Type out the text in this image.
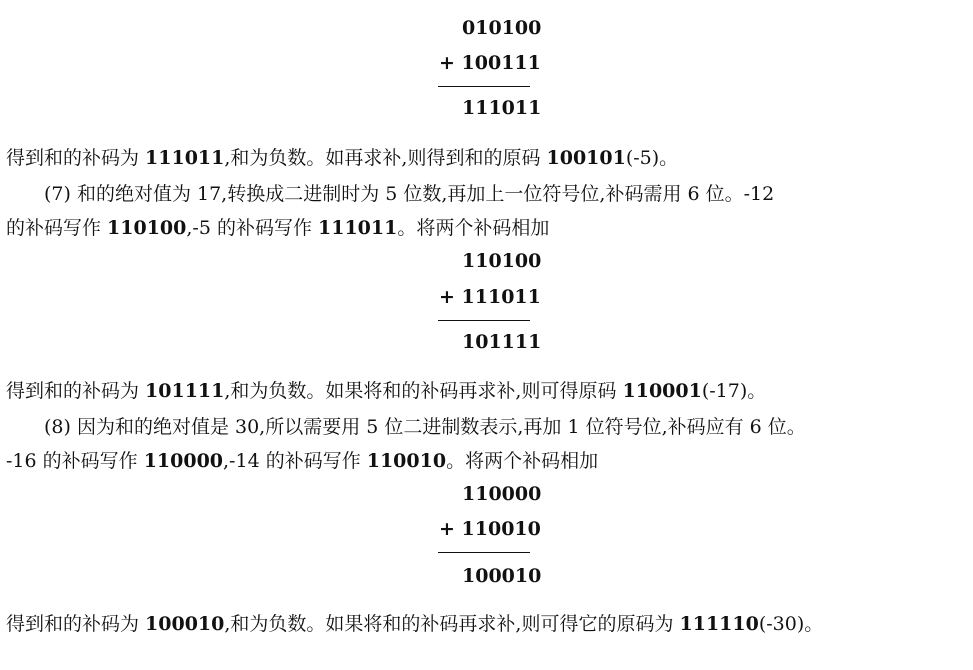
010100
+ 100111
111011
得到和的补码为 111011,和为负数。如再求补,则得到和的原码 100101(-5)。
(7) 和的绝对值为 17,转换成二进制时为 5 位数,再加上一位符号位,补码需用 6 位。-12
的补码写作 110100,-5 的补码写作 111011。将两个补码相加
110100
+ 111011
101111
得到和的补码为 101111,和为负数。如果将和的补码再求补,则可得原码 110001(-17)。
(8) 因为和的绝对值是 30,所以需要用 5 位二进制数表示,再加 1 位符号位,补码应有 6 位。
-16 的补码写作 110000,-14 的补码写作 110010。将两个补码相加
110000
+ 110010
100010
得到和的补码为 100010,和为负数。如果将和的补码再求补,则可得它的原码为 111110(-30)。
